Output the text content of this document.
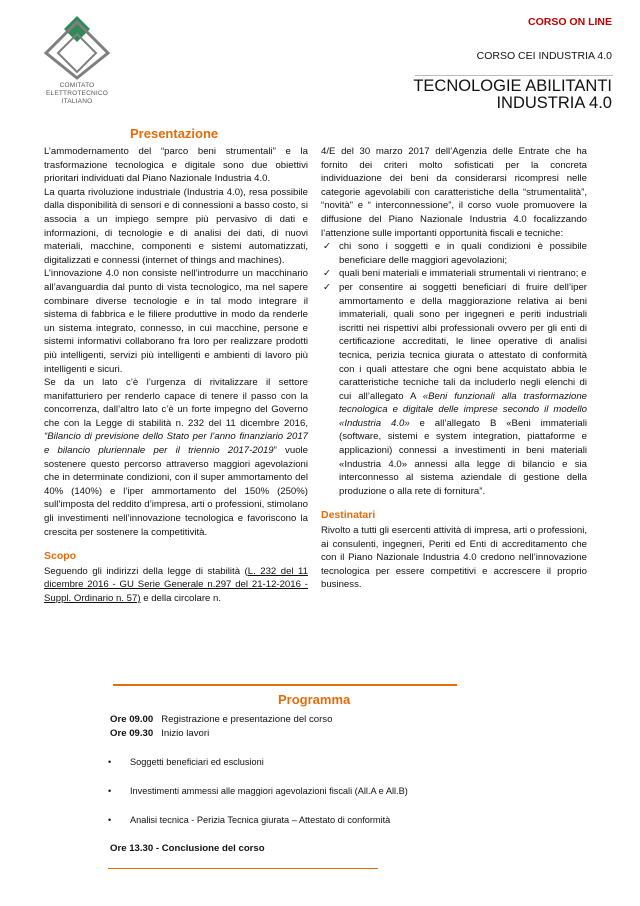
COMITATO
ELETTROTECNICO
ITALIANO
CORSO ON LINE
CORSO CEI INDUSTRIA 4.0
TECNOLOGIE ABILITANTI
INDUSTRIA 4.0
Presentazione

L’ammodernamento del “parco beni strumentali” e la trasformazione tecnologica e digitale sono due obiettivi prioritari individuati dal Piano Nazionale Industria 4.0.

La quarta rivoluzione industriale (Industria 4.0), resa possibile dalla disponibilità di sensori e di connessioni a basso costo, si associa a un impiego sempre più pervasivo di dati e informazioni, di tecnologie e di analisi dei dati, di nuovi materiali, macchine, componenti e sistemi automatizzati, digitalizzati e connessi (internet of things and machines).

L’innovazione 4.0 non consiste nell’introdurre un macchinario all’avanguardia dal punto di vista tecnologico, ma nel sapere combinare diverse tecnologie e in tal modo integrare il sistema di fabbrica e le filiere produttive in modo da renderle un sistema integrato, connesso, in cui macchine, persone e sistemi informativi collaborano fra loro per realizzare prodotti più intelligenti, servizi più intelligenti e ambienti di lavoro più intelligenti e sicuri.

Se da un lato c’è l’urgenza di rivitalizzare il settore manifatturiero per renderlo capace di tenere il passo con la concorrenza, dall’altro lato c’è un forte impegno del Governo che con la Legge di stabilità n. 232 del 11 dicembre 2016, “Bilancio di previsione dello Stato per l’anno finanziario 2017 e bilancio pluriennale per il triennio 2017-2019” vuole sostenere questo percorso attraverso maggiori agevolazioni che in determinate condizioni, con il super ammortamento del 40% (140%) e l’iper ammortamento del 150% (250%) sull’imposta del reddito d’impresa, arti o professioni, stimolano gli investimenti nell’innovazione tecnologica e favoriscono la crescita per sostenere la competitività.

Scopo

Seguendo gli indirizzi della legge di stabilità (L. 232 del 11 dicembre 2016 - GU Serie Generale n.297 del 21-12-2016 - Suppl. Ordinario n. 57) e della circolare n.

4/E del 30 marzo 2017 dell’Agenzia delle Entrate che ha fornito dei criteri molto sofisticati per la concreta individuazione dei beni da considerarsi ricompresi nelle categorie agevolabili con caratteristiche della “strumentalità”, “novità” e “ interconnessione”, il corso vuole promuovere la diffusione del Piano Nazionale Industria 4.0 focalizzando l’attenzione sulle importanti opportunità fiscali e tecniche:

✓ chi sono i soggetti e in quali condizioni è possibile beneficiare delle maggiori agevolazioni;
✓ quali beni materiali e immateriali strumentali vi rientrano; e
✓ per consentire ai soggetti beneficiari di fruire dell’iper ammortamento e della maggiorazione relativa ai beni immateriali, quali sono per ingegneri e periti industriali iscritti nei rispettivi albi professionali ovvero per gli enti di certificazione accreditati, le linee operative di analisi tecnica, perizia tecnica giurata o attestato di conformità con i quali attestare che ogni bene acquistato abbia le caratteristiche tecniche tali da includerlo negli elenchi di cui all’allegato A «Beni funzionali alla trasformazione tecnologica e digitale delle imprese secondo il modello «Industria 4.0» e all’allegato B «Beni immateriali (software, sistemi e system integration, piattaforme e applicazioni) connessi a investimenti in beni materiali «Industria 4.0» annessi alla legge di bilancio e sia interconnesso al sistema aziendale di gestione della produzione o alla rete di fornitura”.
Destinatari

Rivolto a tutti gli esercenti attività di impresa, arti o professioni, ai consulenti, ingegneri, Periti ed Enti di accreditamento che con il Piano Nazionale Industria 4.0 credono nell’innovazione tecnologica per essere competitivi e accrescere il proprio business.

Programma
Ore 09.00 Registrazione e presentazione del corso
Ore 09.30 Inizio lavori
• Soggetti beneficiari ed esclusioni
• Investimenti ammessi alle maggiori agevolazioni fiscali (All.A e All.B)
• Analisi tecnica - Perizia Tecnica giurata – Attestato di conformità
Ore 13.30 - Conclusione del corso
